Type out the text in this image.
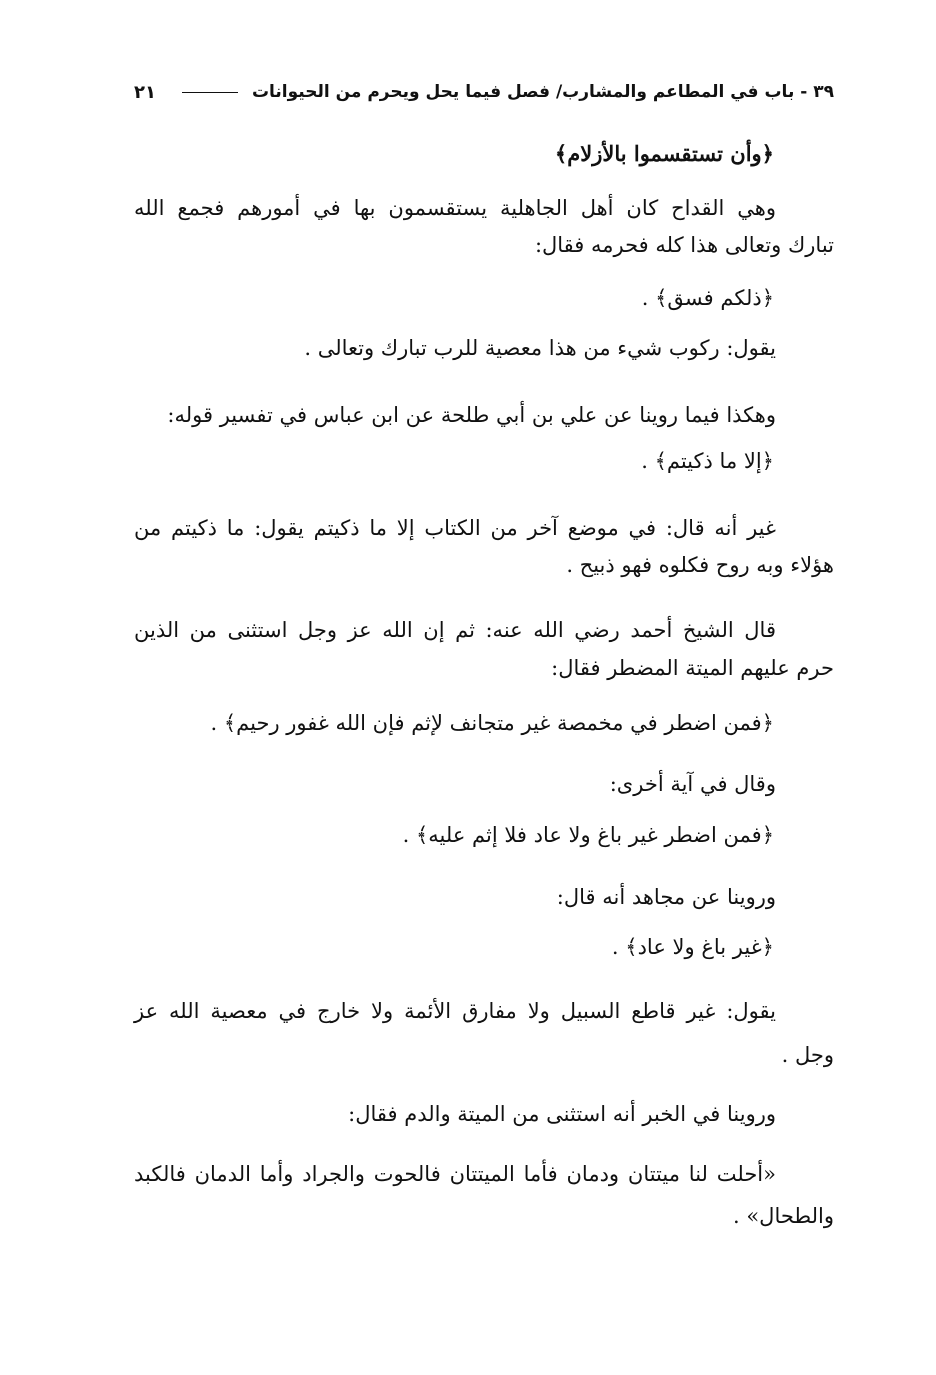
٣٩ - باب في المطاعم والمشارب/ فصل فيما يحل ويحرم من الحيوانات
٢١
﴿وأن تستقسموا بالأزلام﴾
وهي القداح كان أهل الجاهلية يستقسمون بها في أمورهم فجمع الله
تبارك وتعالى هذا كله فحرمه فقال:
﴿ذلكم فسق﴾ .
يقول: ركوب شيء من هذا معصية للرب تبارك وتعالى .
وهكذا فيما روينا عن علي بن أبي طلحة عن ابن عباس في تفسير قوله:
﴿إلا ما ذكيتم﴾ .
غير أنه قال: في موضع آخر من الكتاب إلا ما ذكيتم يقول: ما ذكيتم من
هؤلاء وبه روح فكلوه فهو ذبيح .
قال الشيخ أحمد رضي الله عنه: ثم إن الله عز وجل استثنى من الذين
حرم عليهم الميتة المضطر فقال:
﴿فمن اضطر في مخمصة غير متجانف لإثم فإن الله غفور رحيم﴾ .
وقال في آية أخرى:
﴿فمن اضطر غير باغ ولا عاد فلا إثم عليه﴾ .
وروينا عن مجاهد أنه قال:
﴿غير باغ ولا عاد﴾ .
يقول: غير قاطع السبيل ولا مفارق الأئمة ولا خارج في معصية الله عز
وجل .
وروينا في الخبر أنه استثنى من الميتة والدم فقال:
«أحلت لنا ميتتان ودمان فأما الميتتان فالحوت والجراد وأما الدمان فالكبد
والطحال» .
